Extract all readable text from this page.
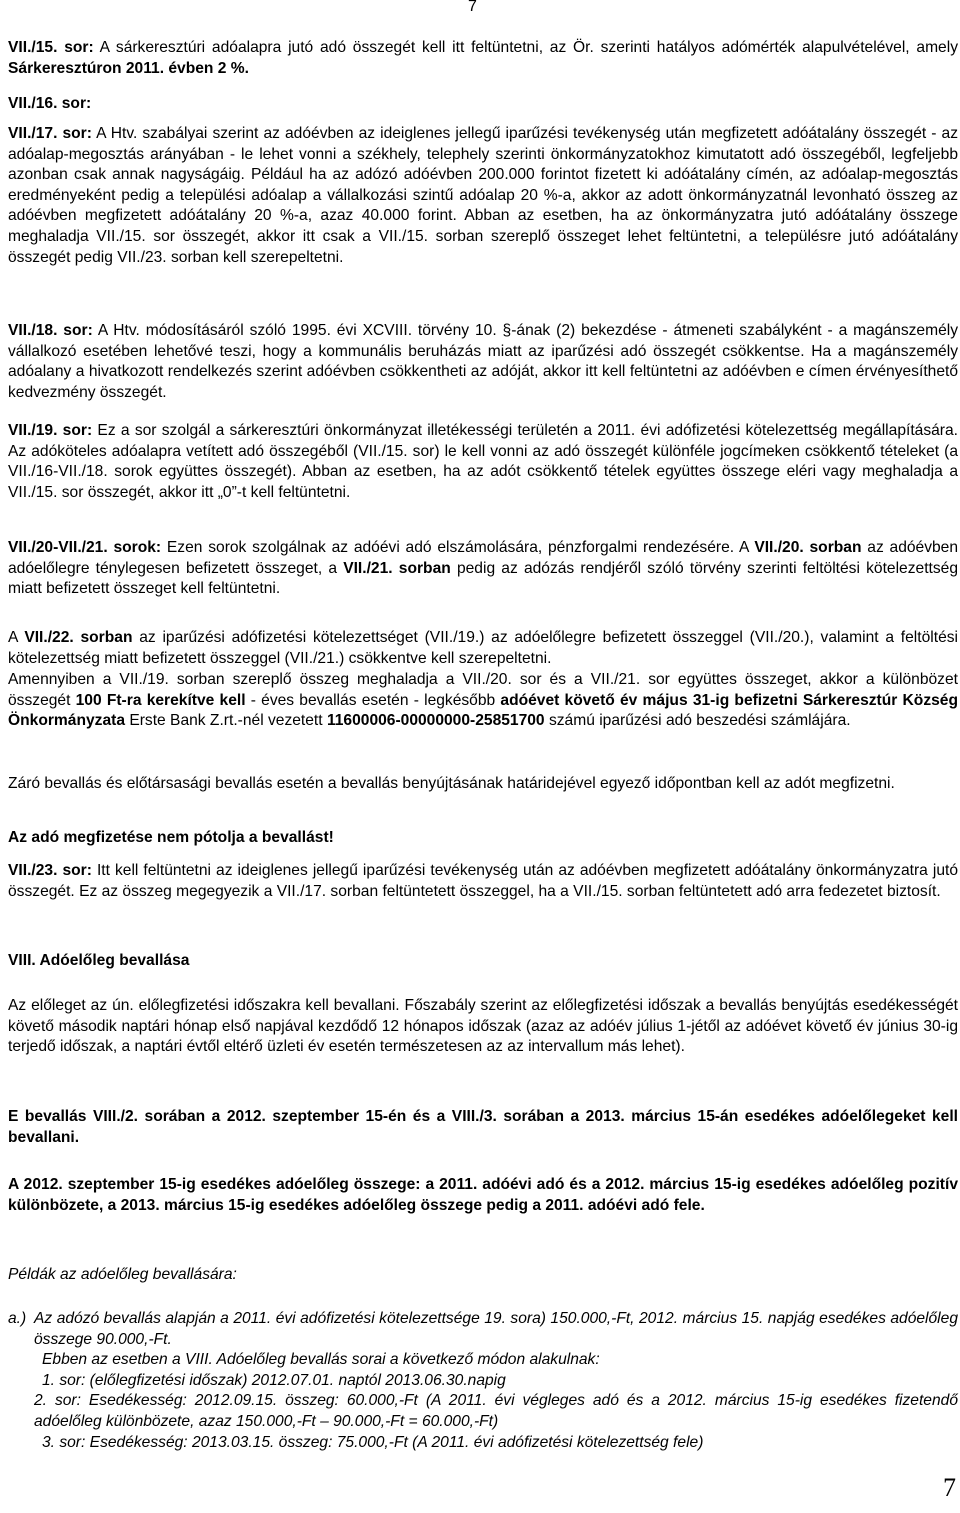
7

VII./15. sor: A sárkeresztúri adóalapra jutó adó összegét kell itt feltüntetni, az Ör. szerinti hatályos adómérték alapulvételével, amely Sárkeresztúron 2011. évben 2 %.

VII./16. sor:

VII./17. sor: A Htv. szabályai szerint az adóévben az ideiglenes jellegű iparűzési tevékenység után megfizetett adóátalány összegét - az adóalap-megosztás arányában - le lehet vonni a székhely, telephely szerinti önkormányzatokhoz kimutatott adó összegéből, legfeljebb azonban csak annak nagyságáig. Például ha az adózó adóévben 200.000 forintot fizetett ki adóátalány címén, az adóalap-megosztás eredményeként pedig a települési adóalap a vállalkozási szintű adóalap 20 %-a, akkor az adott önkormányzatnál levonható összeg az adóévben megfizetett adóátalány 20 %-a, azaz 40.000 forint. Abban az esetben, ha az önkormányzatra jutó adóátalány összege meghaladja VII./15. sor összegét, akkor itt csak a VII./15. sorban szereplő összeget lehet feltüntetni, a településre jutó adóátalány összegét pedig VII./23. sorban kell szerepeltetni.

VII./18. sor: A Htv. módosításáról szóló 1995. évi XCVIII. törvény 10. §-ának (2) bekezdése - átmeneti szabályként - a magánszemély vállalkozó esetében lehetővé teszi, hogy a kommunális beruházás miatt az iparűzési adó összegét csökkentse. Ha a magánszemély adóalany a hivatkozott rendelkezés szerint adóévben csökkentheti az adóját, akkor itt kell feltüntetni az adóévben e címen érvényesíthető kedvezmény összegét.

VII./19. sor: Ez a sor szolgál a sárkeresztúri önkormányzat illetékességi területén a 2011. évi adófizetési kötelezettség megállapítására. Az adóköteles adóalapra vetített adó összegéből (VII./15. sor) le kell vonni az adó összegét különféle jogcímeken csökkentő tételeket (a VII./16-VII./18. sorok együttes összegét). Abban az esetben, ha az adót csökkentő tételek együttes összege eléri vagy meghaladja a VII./15. sor összegét, akkor itt „0”-t kell feltüntetni.

VII./20-VII./21. sorok: Ezen sorok szolgálnak az adóévi adó elszámolására, pénzforgalmi rendezésére. A VII./20. sorban az adóévben adóelőlegre ténylegesen befizetett összeget, a VII./21. sorban pedig az adózás rendjéről szóló törvény szerinti feltöltési kötelezettség miatt befizetett összeget kell feltüntetni.

A VII./22. sorban az iparűzési adófizetési kötelezettséget (VII./19.) az adóelőlegre befizetett összeggel (VII./20.), valamint a feltöltési kötelezettség miatt befizetett összeggel (VII./21.) csökkentve kell szerepeltetni.

Amennyiben a VII./19. sorban szereplő összeg meghaladja a VII./20. sor és a VII./21. sor együttes összeget, akkor a különbözet összegét 100 Ft-ra kerekítve kell - éves bevallás esetén - legkésőbb adóévet követő év május 31-ig befizetni Sárkeresztúr Község Önkormányzata Erste Bank Z.rt.-nél vezetett 11600006-00000000-25851700 számú iparűzési adó beszedési számlájára.

Záró bevallás és előtársasági bevallás esetén a bevallás benyújtásának határidejével egyező időpontban kell az adót megfizetni.

Az adó megfizetése nem pótolja a bevallást!

VII./23. sor: Itt kell feltüntetni az ideiglenes jellegű iparűzési tevékenység után az adóévben megfizetett adóátalány önkormányzatra jutó összegét. Ez az összeg megegyezik a VII./17. sorban feltüntetett összeggel, ha a VII./15. sorban feltüntetett adó arra fedezetet biztosít.

VIII. Adóelőleg bevallása

Az előleget az ún. előlegfizetési időszakra kell bevallani. Főszabály szerint az előlegfizetési időszak a bevallás benyújtás esedékességét követő második naptári hónap első napjával kezdődő 12 hónapos időszak (azaz az adóév július 1-jétől az adóévet követő év június 30-ig terjedő időszak, a naptári évtől eltérő üzleti év esetén természetesen az az intervallum más lehet).

E bevallás VIII./2. sorában a 2012. szeptember 15-én és a VIII./3. sorában a 2013. március 15-án esedékes adóelőlegeket kell bevallani.

A 2012. szeptember 15-ig esedékes adóelőleg összege: a 2011. adóévi adó és a 2012. március 15-ig esedékes adóelőleg pozitív különbözete, a 2013. március 15-ig esedékes adóelőleg összege pedig a 2011. adóévi adó fele.

Példák az adóelőleg bevallására:

a.) Az adózó bevallás alapján a 2011. évi adófizetési kötelezettsége 19. sora) 150.000,-Ft, 2012. március 15. napjág esedékes adóelőleg összege 90.000,-Ft.
Ebben az esetben a VIII. Adóelőleg bevallás sorai a következő módon alakulnak:
1. sor: (előlegfizetési időszak) 2012.07.01. naptól 2013.06.30.napig
2. sor: Esedékesség: 2012.09.15. összeg: 60.000,-Ft (A 2011. évi végleges adó és a 2012. március 15-ig esedékes fizetendő adóelőleg különbözete, azaz 150.000,-Ft – 90.000,-Ft = 60.000,-Ft)
3. sor: Esedékesség: 2013.03.15. összeg: 75.000,-Ft (A 2011. évi adófizetési kötelezettség fele)
7
